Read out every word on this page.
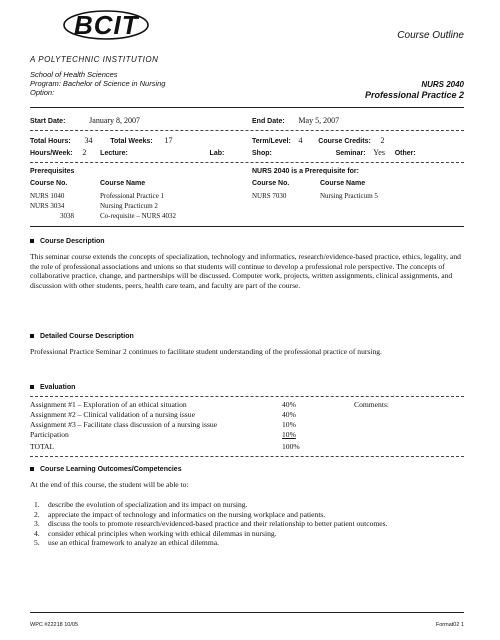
BCIT	Course Outline
A POLYTECHNIC INSTITUTION
School of Health Sciences
Program: Bachelor of Science in Nursing
Option:
NURS 2040
Professional Practice 2
Start Date:	January 8, 2007	End Date: May 5, 2007
Total Hours: 34	Total Weeks: 17	Term/Level: 4 Course Credits: 2
Hours/Week: 2 Lecture:	Lab:	Shop:	Seminar: Yes Other:
Prerequisites	NURS 2040 is a Prerequisite for:
Course No.	Course Name	Course No.	Course Name
NURS 1040	Professional Practice 1
NURS 3034	Nursing Practicum 2
3038	Co-requisite – NURS 4032
NURS 7030	Nursing Practicum 5
Course Description
This seminar course extends the concepts of specialization, technology and informatics, research/evidence-based practice, ethics, legality, and the role of professional associations and unions so that students will continue to develop a professional role perspective. The concepts of collaborative practice, change, and partnerships will be discussed. Computer work, projects, written assignments, clinical assignments, and discussion with other students, peers, health care team, and faculty are part of the course.
Detailed Course Description
Professional Practice Seminar 2 continues to facilitate student understanding of the professional practice of nursing.
Evaluation
Assignment #1 – Exploration of an ethical situation	40%
Assignment #2 – Clinical validation of a nursing issue	40%
Assignment #3 – Facilitate class discussion of a nursing issue	10%
Participation	10%
TOTAL	100%
Comments:
Course Learning Outcomes/Competencies
At the end of this course, the student will be able to:
1.	describe the evolution of specialization and its impact on nursing.
2.	appreciate the impact of technology and informatics on the nursing workplace and patients.
3.	discuss the tools to promote research/evidenced-based practice and their relationship to better patient outcomes.
4.	consider ethical principles when working with ethical dilemmas in nursing.
5.	use an ethical framework to analyze an ethical dilemma.
WPC #22218 10/05	Format02 1
